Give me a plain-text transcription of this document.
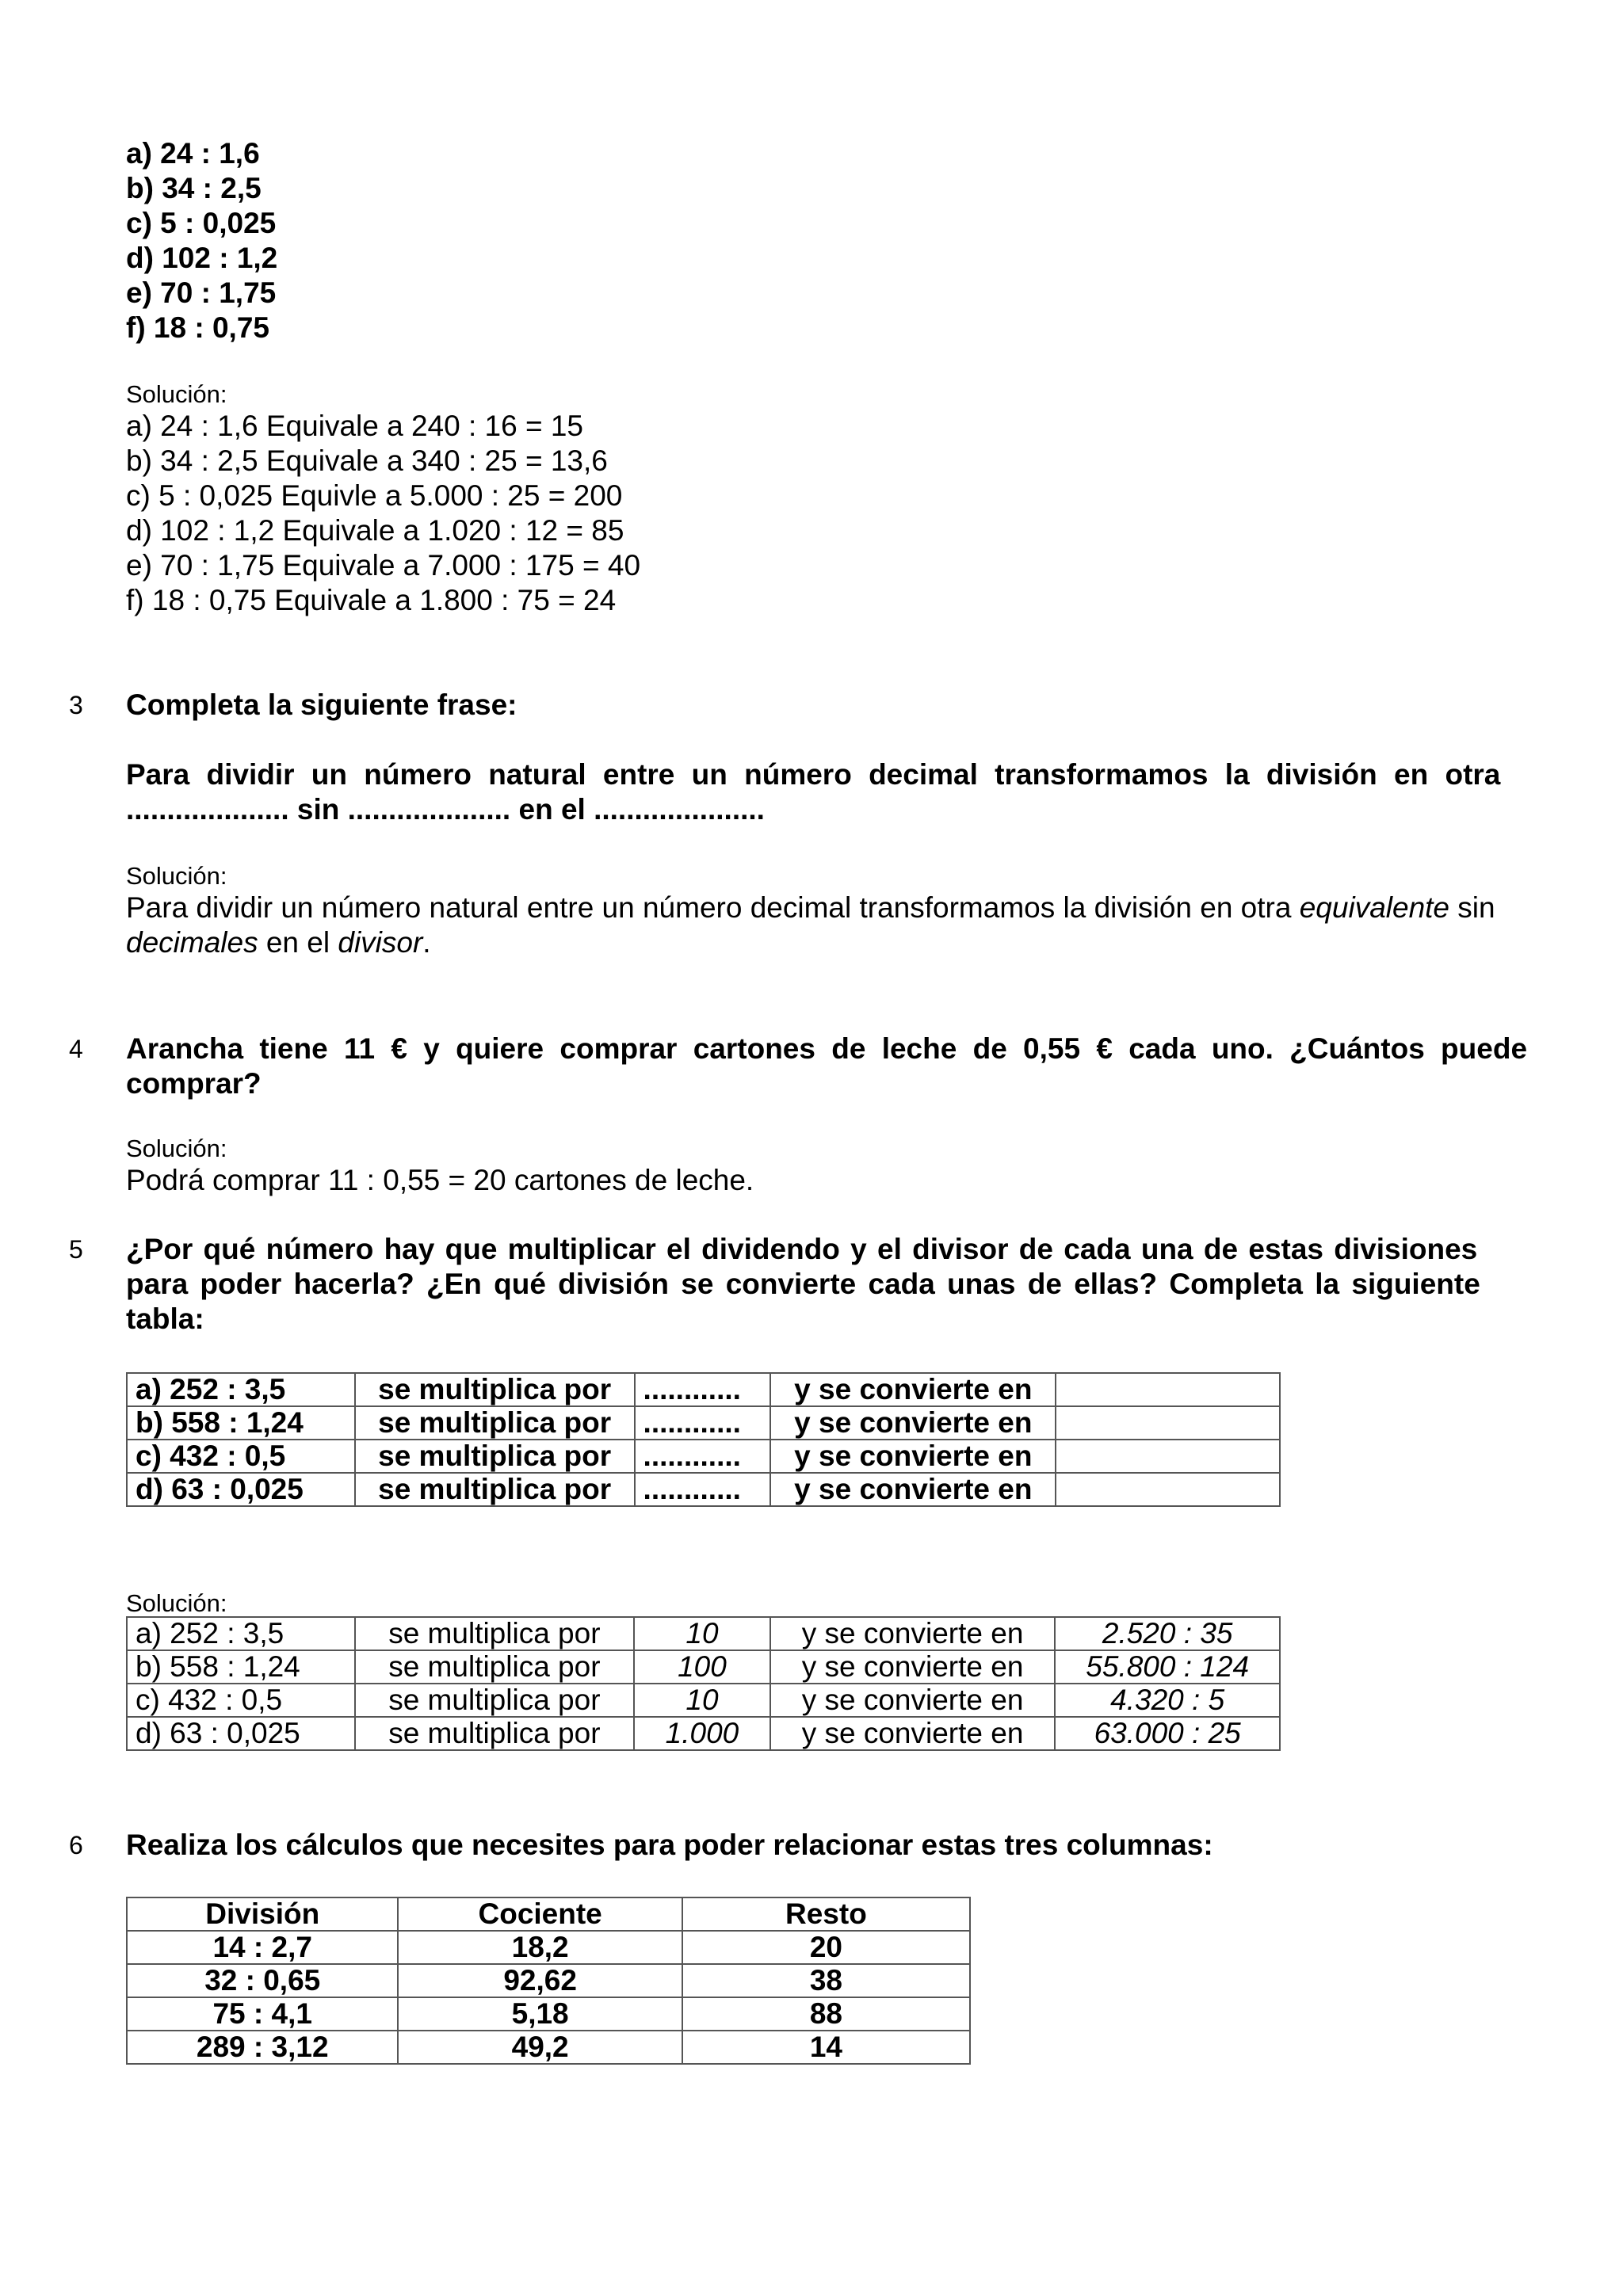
a) 24 : 1,6
b) 34 : 2,5
c) 5 : 0,025
d) 102 : 1,2
e) 70 : 1,75
f) 18 : 0,75
Solución:
a) 24 : 1,6 Equivale a 240 : 16 = 15
b) 34 : 2,5 Equivale a 340 : 25 = 13,6
c) 5 : 0,025 Equivle a 5.000 : 25 = 200
d) 102 : 1,2 Equivale a 1.020 : 12 = 85
e) 70 : 1,75 Equivale a 7.000 : 175 = 40
f) 18 : 0,75 Equivale a 1.800 : 75 = 24
3 Completa la siguiente frase:
Para dividir un número natural entre un número decimal transformamos la división en otra
.................... sin .................... en el .....................
Solución:
Para dividir un número natural entre un número decimal transformamos la división en otra equivalente sin
decimales en el divisor.
4 Arancha tiene 11 € y quiere comprar cartones de leche de 0,55 € cada uno. ¿Cuántos puede
comprar?
Solución:
Podrá comprar 11 : 0,55 = 20 cartones de leche.
5 ¿Por qué número hay que multiplicar el dividendo y el divisor de cada una de estas divisiones
para poder hacerla? ¿En qué división se convierte cada unas de ellas? Completa la siguiente
tabla:
a) 252 : 3,5	se multiplica por	............	y se convierte en	
b) 558 : 1,24	se multiplica por	............	y se convierte en	
c) 432 : 0,5	se multiplica por	............	y se convierte en	
d) 63 : 0,025	se multiplica por	............	y se convierte en	
Solución:
a) 252 : 3,5	se multiplica por	10	y se convierte en	2.520 : 35
b) 558 : 1,24	se multiplica por	100	y se convierte en	55.800 : 124
c) 432 : 0,5	se multiplica por	10	y se convierte en	4.320 : 5
d) 63 : 0,025	se multiplica por	1.000	y se convierte en	63.000 : 25
6 Realiza los cálculos que necesites para poder relacionar estas tres columnas:
División	Cociente	Resto
14 : 2,7	18,2	20
32 : 0,65	92,62	38
75 : 4,1	5,18	88
289 : 3,12	49,2	14
